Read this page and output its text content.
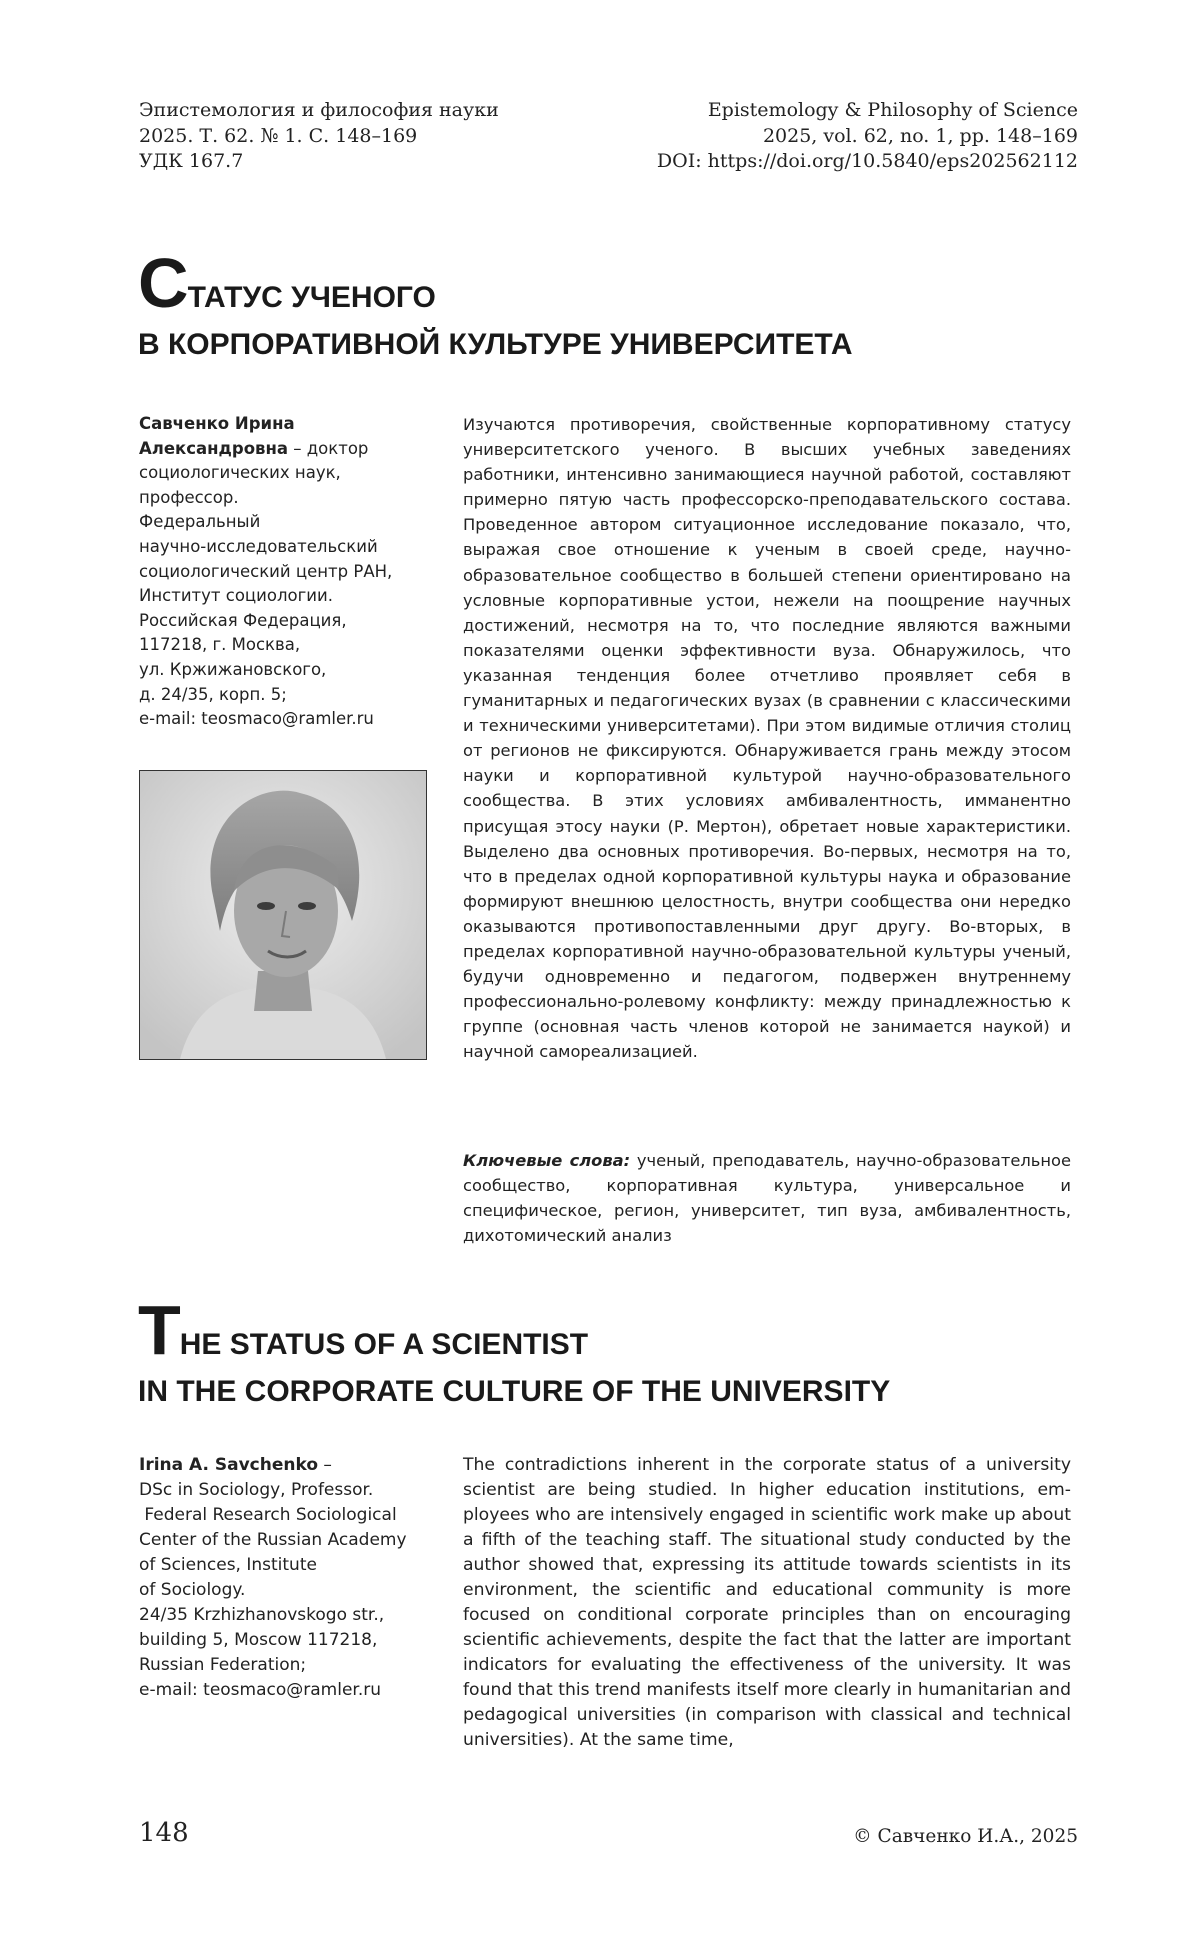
Эпистемология и философия науки
2025. Т. 62. № 1. С. 148–169
УДК 167.7
Epistemology & Philosophy of Science
2025, vol. 62, no. 1, pp. 148–169
DOI: https://doi.org/10.5840/eps202562112
СТАТУС УЧЕНОГО
В КОРПОРАТИВНОЙ КУЛЬТУРЕ УНИВЕРСИТЕТА
Савченко Ирина
Александровна – доктор
социологических наук,
профессор.
Федеральный
научно-исследовательский
социологический центр РАН,
Институт социологии.
Российская Федерация,
117218, г. Москва,
ул. Кржижановского,
д. 24/35, корп. 5;
e-mail: teosmaco@ramler.ru
Изучаются противоречия, свойственные корпоративному статусу университетского ученого. В высших учебных заведениях работники, интенсивно занимающиеся научной работой, составляют примерно пятую часть профессорско-преподавательского состава. Проведенное автором ситуационное исследование показало, что, выражая свое отношение к ученым в своей среде, научно-образовательное сообщество в большей степени ориентировано на условные корпоративные устои, нежели на поощрение научных достижений, несмотря на то, что последние являются важными показателями оценки эффективности вуза. Обнаружилось, что указанная тенденция более отчетливо проявляет себя в гуманитарных и педагогических вузах (в сравнении с классическими и техническими университетами). При этом видимые отличия столиц от регионов не фиксируются. Обнаруживается грань между этосом науки и корпоративной культурой научно-образовательного сообщества. В этих условиях амбивалентность, имманентно присущая этосу науки (Р. Мертон), обретает новые характеристики. Выделено два основных противоречия. Во-первых, несмотря на то, что в пределах одной корпоративной культуры наука и образование формируют внешнюю целостность, внутри сообщества они нередко оказываются противопоставленными друг другу. Во-вторых, в пределах корпоративной научно-образовательной культуры ученый, будучи одновременно и педагогом, подвержен внутреннему профессионально-ролевому конфликту: между принадлежностью к группе (основная часть членов которой не занимается наукой) и научной самореализацией.
Ключевые слова: ученый, преподаватель, научно-образовательное сообщество, корпоративная культура, универсальное и специфическое, регион, университет, тип вуза, амбивалентность, дихотомический анализ
THE STATUS OF A SCIENTIST
IN THE CORPORATE CULTURE OF THE UNIVERSITY
Irina A. Savchenko –
DSc in Sociology, Professor.
Federal Research Sociological
Center of the Russian Academy
of Sciences, Institute
of Sociology.
24/35 Krzhizhanovskogo str.,
building 5, Moscow 117218,
Russian Federation;
e-mail: teosmaco@ramler.ru
The contradictions inherent in the corporate status of a university scientist are being studied. In higher education institutions, employees who are intensively engaged in scientific work make up about a fifth of the teaching staff. The situational study conducted by the author showed that, expressing its attitude towards scientists in its environment, the scientific and educational community is more focused on conditional corporate principles than on encouraging scientific achievements, despite the fact that the latter are important indicators for evaluating the effectiveness of the university. It was found that this trend manifests itself more clearly in humanitarian and pedagogical universities (in comparison with classical and technical universities). At the same time,
148	© Савченко И.А., 2025
